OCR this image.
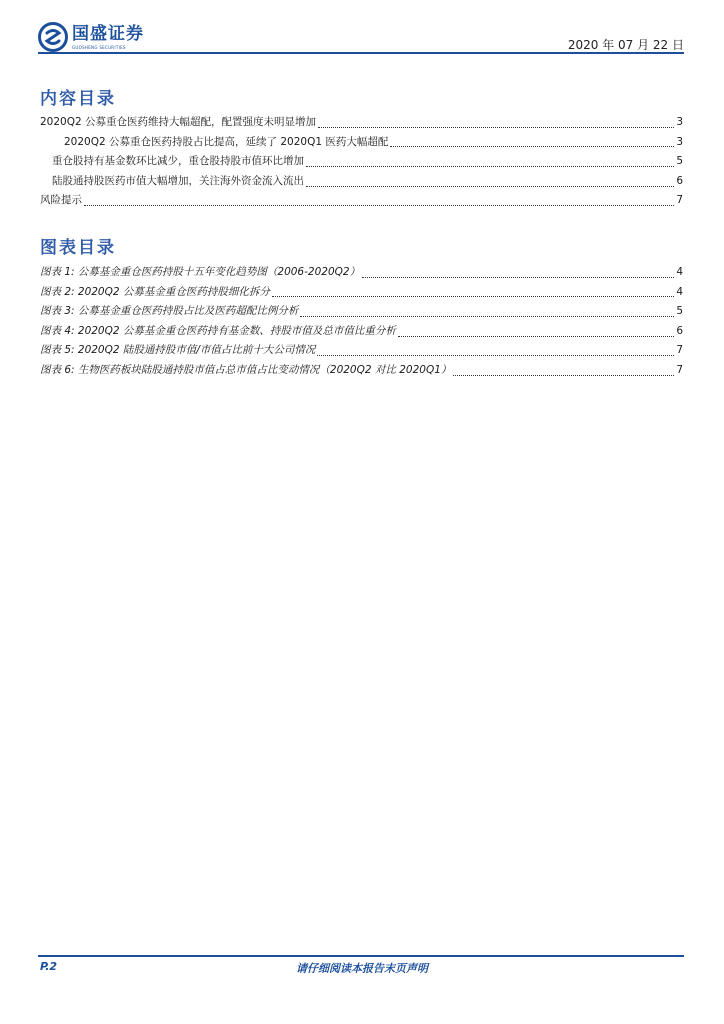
国盛证券
GUOSHENG SECURITIES	2020 年 07 月 22 日
内容目录
2020Q2 公募重仓医药维持大幅超配，配置强度未明显增加	3
2020Q2 公募重仓医药持股占比提高，延续了 2020Q1 医药大幅超配	3
重仓股持有基金数环比减少，重仓股持股市值环比增加	5
陆股通持股医药市值大幅增加，关注海外资金流入流出	6
风险提示	7
图表目录
图表 1: 公募基金重仓医药持股十五年变化趋势图（2006-2020Q2）	4
图表 2: 2020Q2 公募基金重仓医药持股细化拆分	4
图表 3: 公募基金重仓医药持股占比及医药超配比例分析	5
图表 4: 2020Q2 公募基金重仓医药持有基金数、持股市值及总市值比重分析	6
图表 5: 2020Q2 陆股通持股市值/市值占比前十大公司情况	7
图表 6: 生物医药板块陆股通持股市值占总市值占比变动情况（2020Q2 对比 2020Q1）	7
P.2	请仔细阅读本报告末页声明
